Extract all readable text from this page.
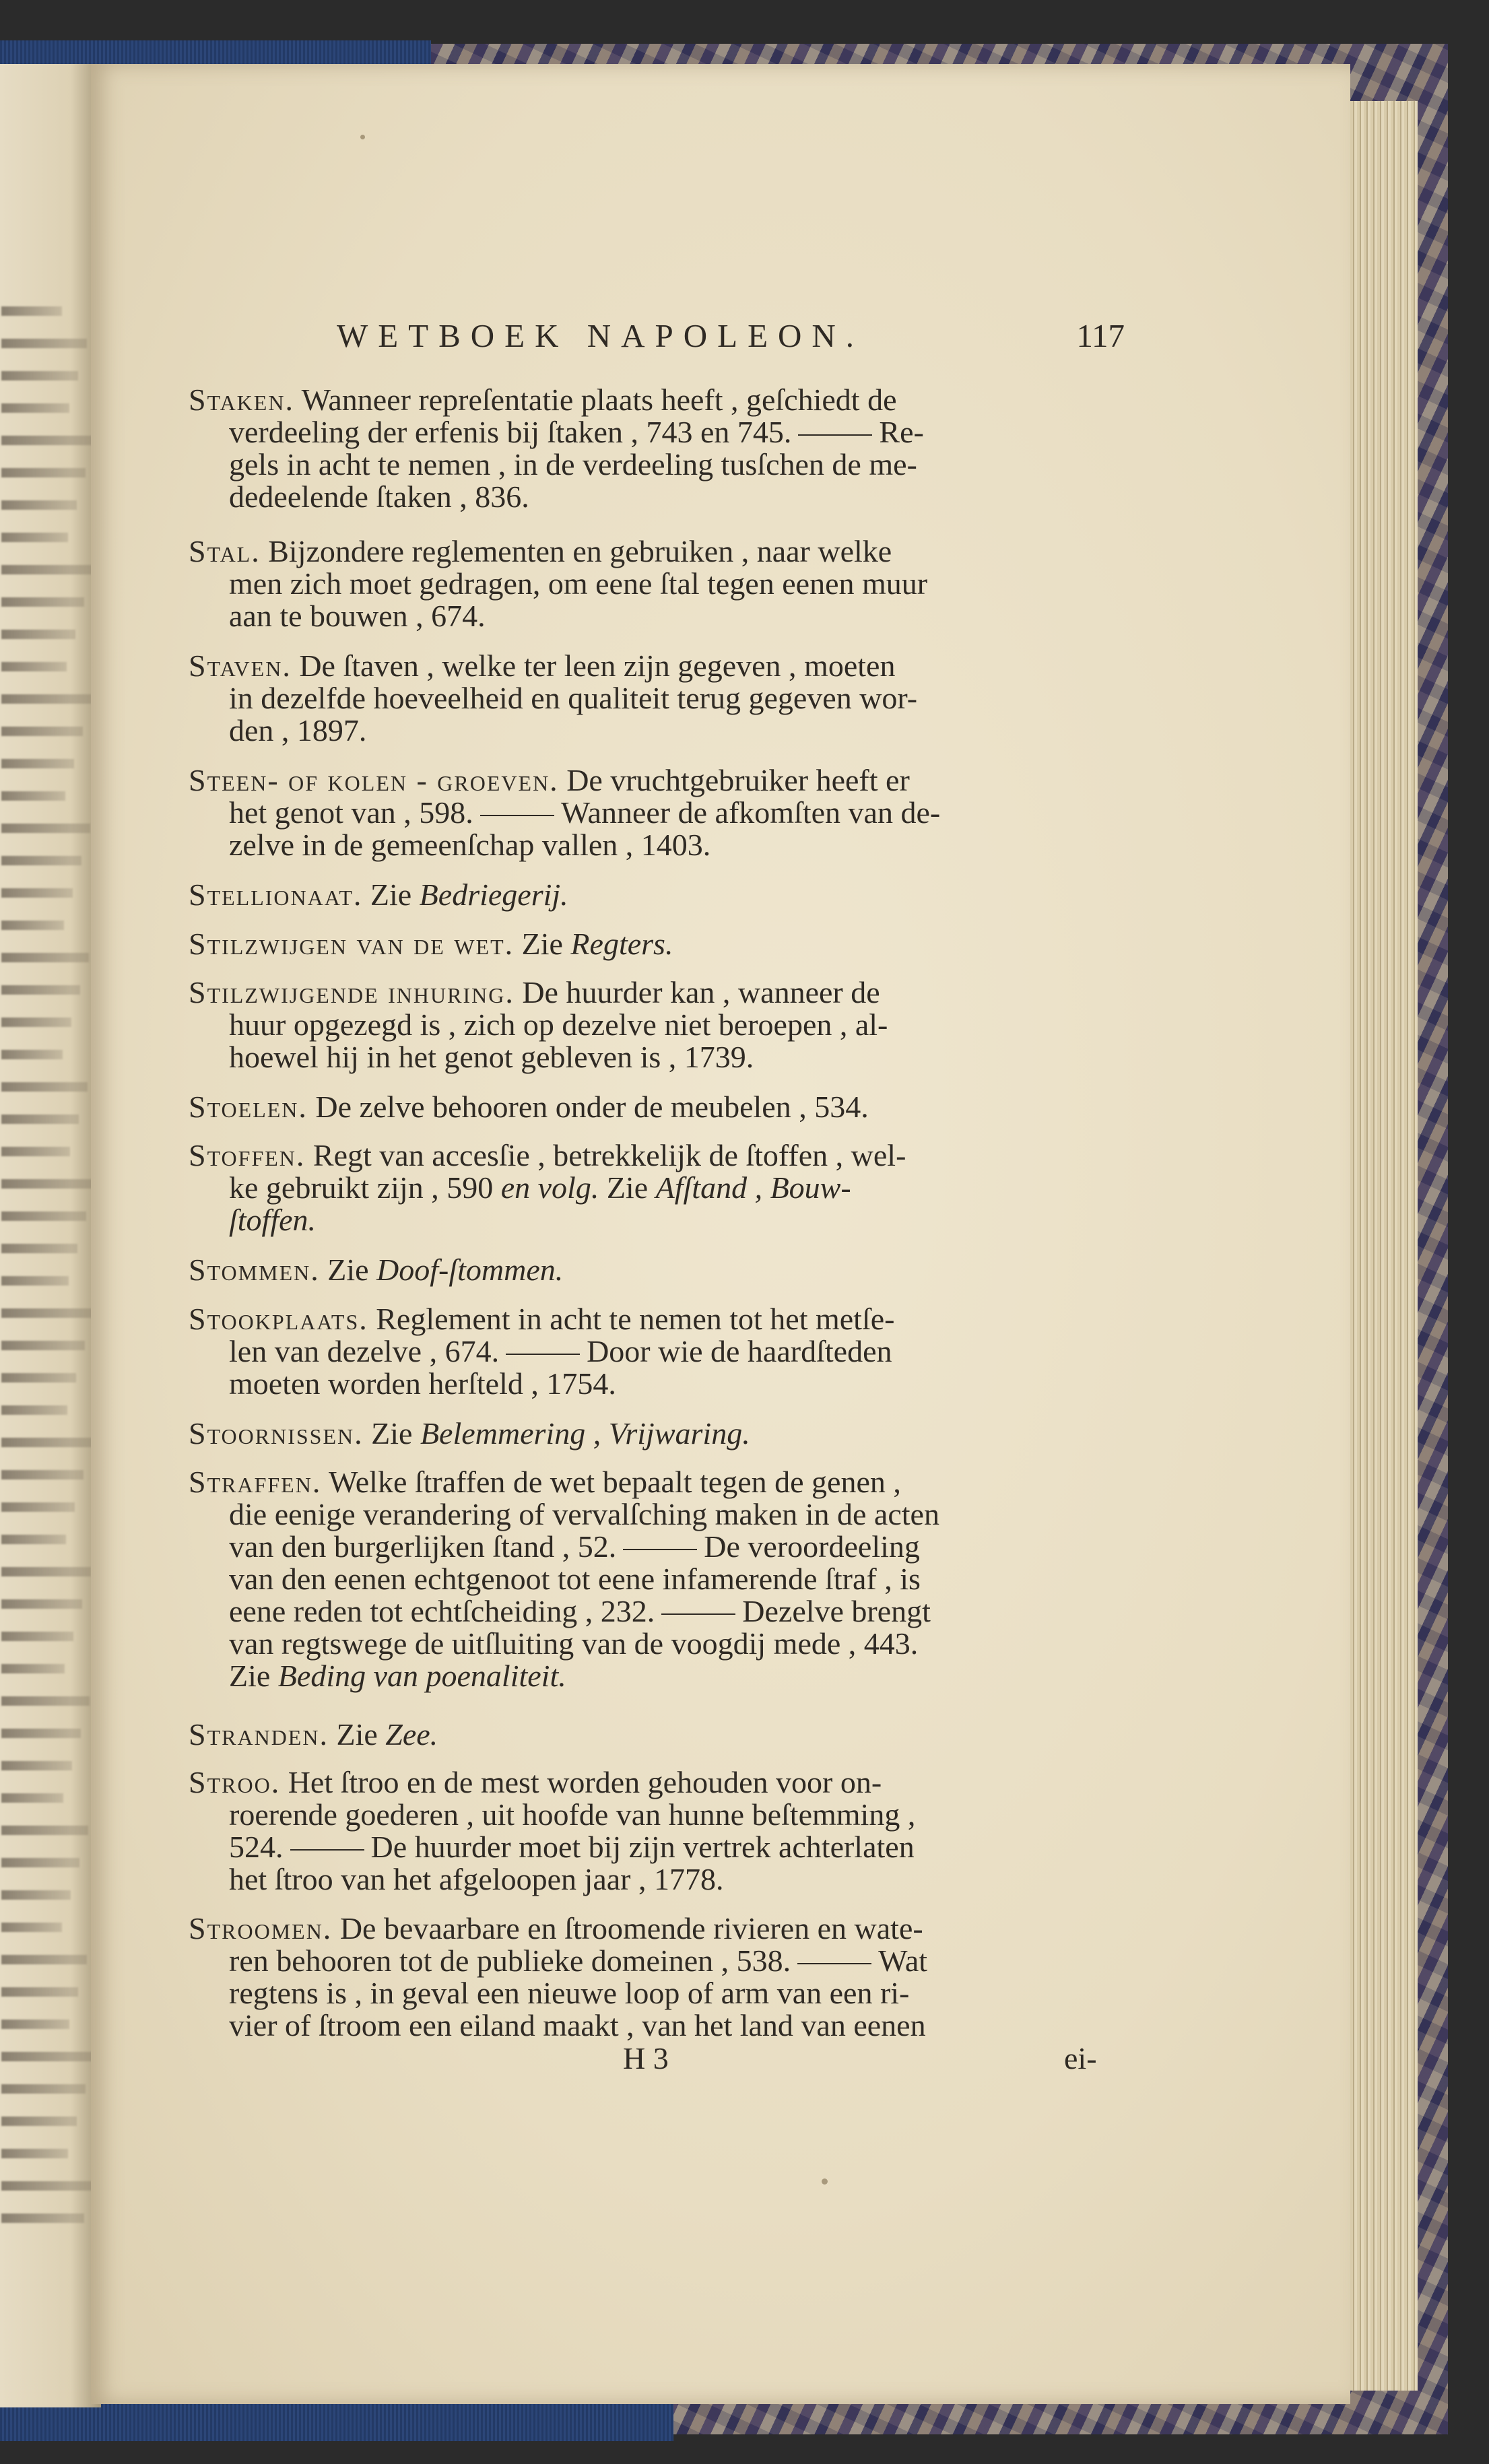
WETBOEK NAPOLEON.	117
Staken. Wanneer repreſentatie plaats heeft , geſchiedt de
verdeeling der erfenis bij ſtaken , 743 en 745.	Re-
gels in acht te nemen , in de verdeeling tusſchen de me-
dedeelende ſtaken , 836.
Stal. Bijzondere reglementen en gebruiken , naar welke
men zich moet gedragen, om eene ſtal tegen eenen muur
aan te bouwen , 674.
Staven. De ſtaven , welke ter leen zijn gegeven , moeten
in dezelfde hoeveelheid en qualiteit terug gegeven wor-
den , 1897.
Steen- of kolen - groeven. De vruchtgebruiker heeft er
het genot van , 598.	Wanneer de afkomſten van de-
zelve in de gemeenſchap vallen , 1403.
Stellionaat. Zie Bedriegerij.
Stilzwijgen van de wet. Zie Regters.
Stilzwijgende inhuring. De huurder kan , wanneer de
huur opgezegd is , zich op dezelve niet beroepen , al-
hoewel hij in het genot gebleven is , 1739.
Stoelen. De zelve behooren onder de meubelen , 534.
Stoffen. Regt van accesſie , betrekkelijk de ſtoffen , wel-
ke gebruikt zijn , 590 en volg. Zie Afſtand , Bouw-
ſtoffen.
Stommen. Zie Doof-ſtommen.
Stookplaats. Reglement in acht te nemen tot het metſe-
len van dezelve , 674.	Door wie de haardſteden
moeten worden herſteld , 1754.
Stoornissen. Zie Belemmering , Vrijwaring.
Straffen. Welke ſtraffen de wet bepaalt tegen de genen ,
die eenige verandering of vervalſching maken in de acten
van den burgerlijken ſtand , 52.	De veroordeeling
van den eenen echtgenoot tot eene infamerende ſtraf , is
eene reden tot echtſcheiding , 232.	Dezelve brengt
van regtswege de uitſluiting van de voogdij mede , 443.
Zie Beding van poenaliteit.
Stranden. Zie Zee.
Stroo. Het ſtroo en de mest worden gehouden voor on-
roerende goederen , uit hoofde van hunne beſtemming ,
524.	De huurder moet bij zijn vertrek achterlaten
het ſtroo van het afgeloopen jaar , 1778.
Stroomen. De bevaarbare en ſtroomende rivieren en wate-
ren behooren tot de publieke domeinen , 538.	Wat
regtens is , in geval een nieuwe loop of arm van een ri-
vier of ſtroom een eiland maakt , van het land van eenen
H 3	ei-
